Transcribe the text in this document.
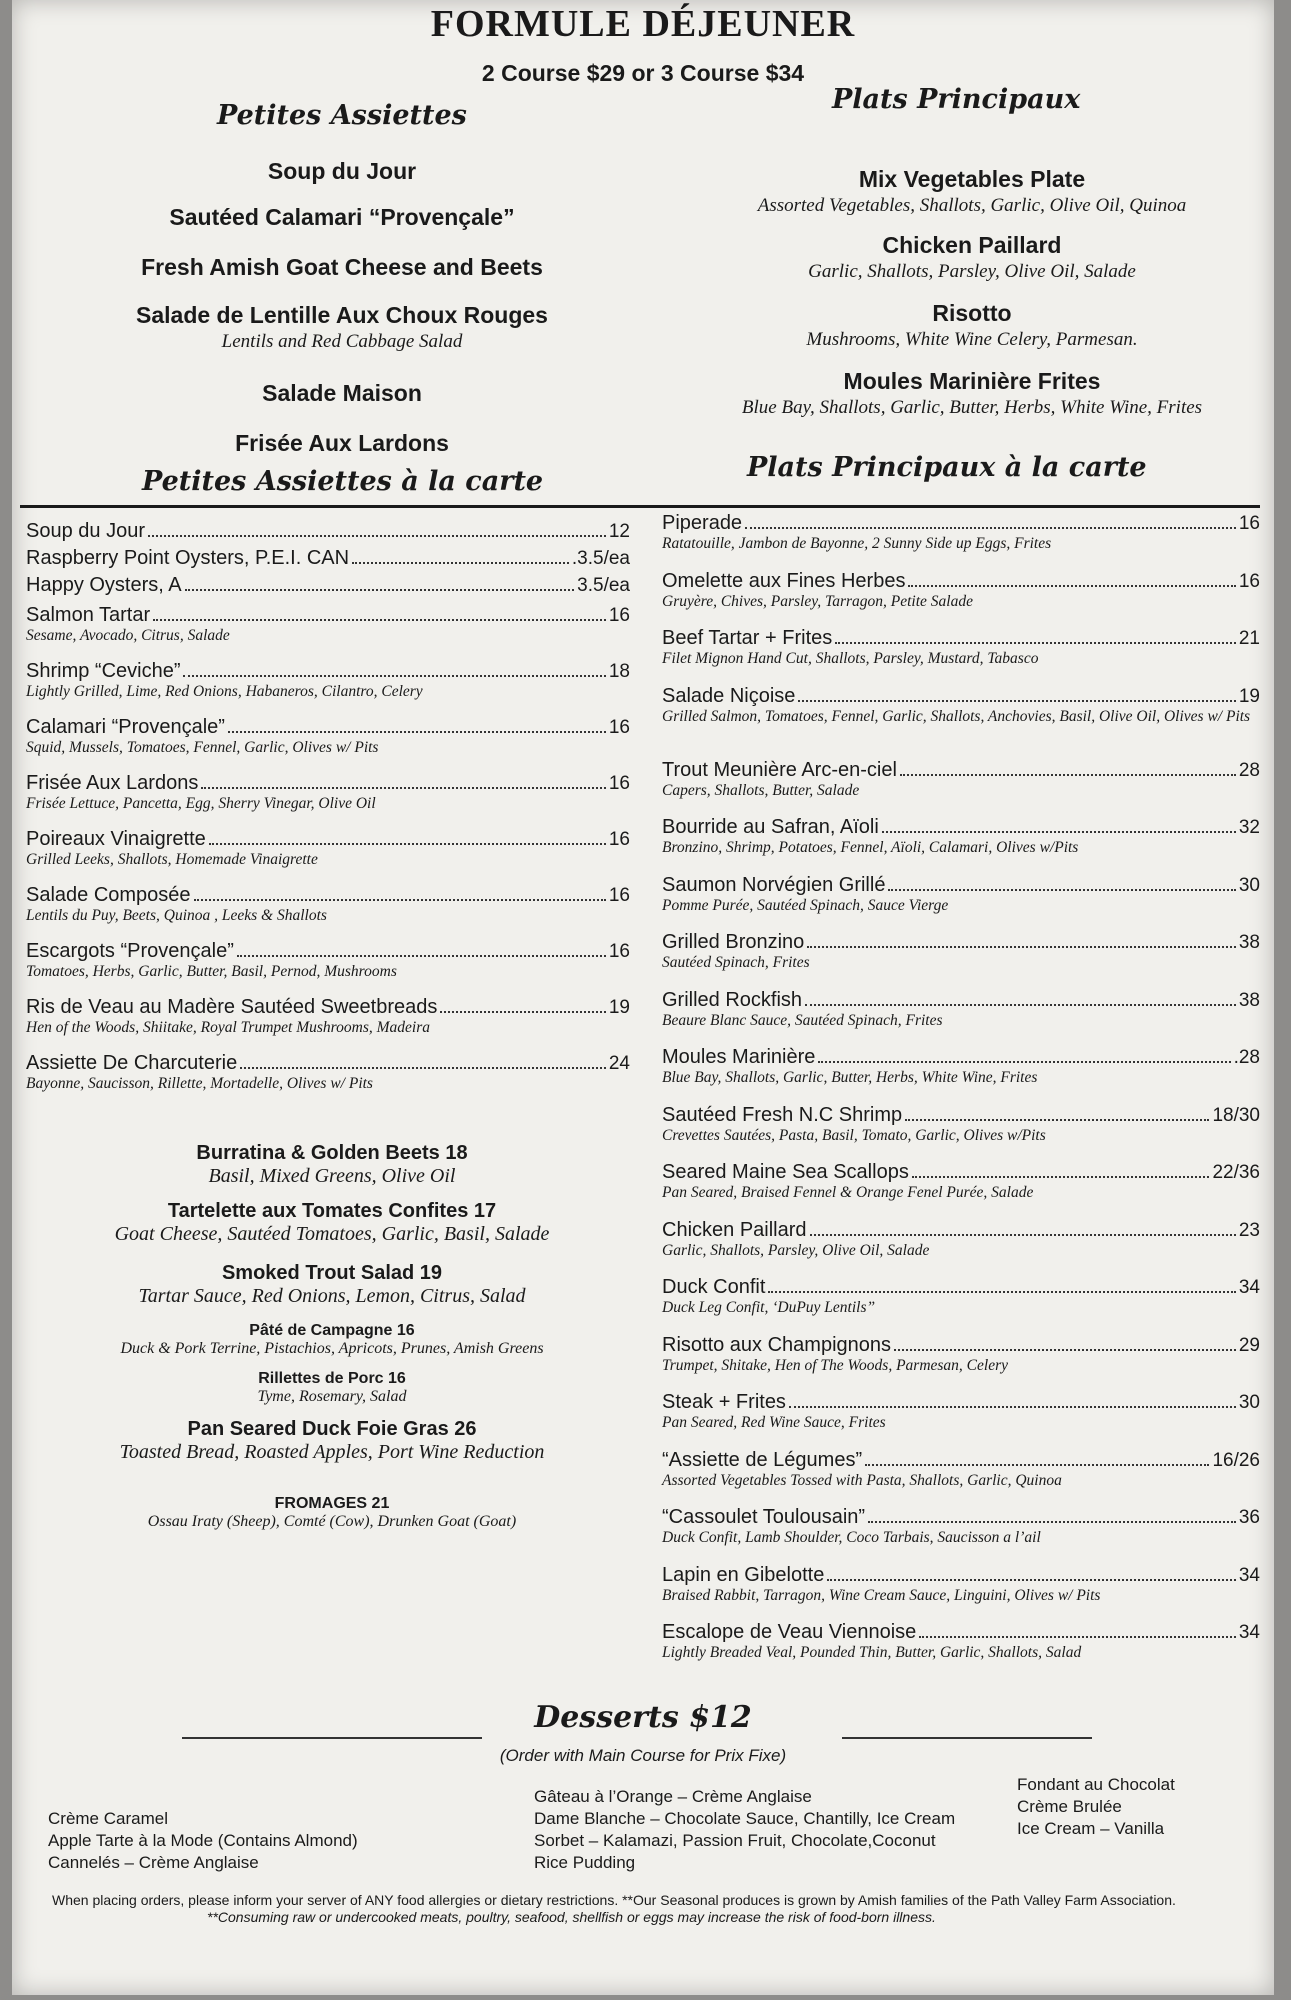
FORMULE DÉJEUNER
2 Course $29 or 3 Course $34
Petites Assiettes
Plats Principaux
Soup du Jour
Sautéed Calamari “Provençale”
Fresh Amish Goat Cheese and Beets
Salade de Lentille Aux Choux Rouges
Lentils and Red Cabbage Salad
Salade Maison
Frisée Aux Lardons
Mix Vegetables Plate
Assorted Vegetables, Shallots, Garlic, Olive Oil, Quinoa
Chicken Paillard
Garlic, Shallots, Parsley, Olive Oil, Salade
Risotto
Mushrooms, White Wine Celery, Parmesan.
Moules Marinière Frites
Blue Bay, Shallots, Garlic, Butter, Herbs, White Wine, Frites
Petites Assiettes à la carte	Plats Principaux à la carte
Soup du Jour	12
Raspberry Point Oysters, P.E.I. CAN	.3.5/ea
Happy Oysters, A	3.5/ea
Salmon Tartar	16
Sesame, Avocado, Citrus, Salade
Shrimp “Ceviche”	18
Lightly Grilled, Lime, Red Onions, Habaneros, Cilantro, Celery
Calamari “Provençale”	16
Squid, Mussels, Tomatoes, Fennel, Garlic, Olives w/ Pits
Frisée Aux Lardons	16
Frisée Lettuce, Pancetta, Egg, Sherry Vinegar, Olive Oil
Poireaux Vinaigrette	16
Grilled Leeks, Shallots, Homemade Vinaigrette
Salade Composée	16
Lentils du Puy, Beets, Quinoa , Leeks & Shallots
Escargots “Provençale”	16
Tomatoes, Herbs, Garlic, Butter, Basil, Pernod, Mushrooms
Ris de Veau au Madère Sautéed Sweetbreads	19
Hen of the Woods, Shiitake, Royal Trumpet Mushrooms, Madeira
Assiette De Charcuterie	24
Bayonne, Saucisson, Rillette, Mortadelle, Olives w/ Pits
Burratina & Golden Beets 18
Basil, Mixed Greens, Olive Oil
Tartelette aux Tomates Confites 17
Goat Cheese, Sautéed Tomatoes, Garlic, Basil, Salade
Smoked Trout Salad 19
Tartar Sauce, Red Onions, Lemon, Citrus, Salad
Pâté de Campagne 16
Duck & Pork Terrine, Pistachios, Apricots, Prunes, Amish Greens
Rillettes de Porc 16
Tyme, Rosemary, Salad
Pan Seared Duck Foie Gras 26
Toasted Bread, Roasted Apples, Port Wine Reduction
FROMAGES 21
Ossau Iraty (Sheep), Comté (Cow), Drunken Goat (Goat)
Piperade	16
Ratatouille, Jambon de Bayonne, 2 Sunny Side up Eggs, Frites
Omelette aux Fines Herbes	16
Gruyère, Chives, Parsley, Tarragon, Petite Salade
Beef Tartar + Frites	21
Filet Mignon Hand Cut, Shallots, Parsley, Mustard, Tabasco
Salade Niçoise	19
Grilled Salmon, Tomatoes, Fennel, Garlic, Shallots, Anchovies, Basil, Olive Oil, Olives w/ Pits
Trout Meunière Arc-en-ciel	28
Capers, Shallots, Butter, Salade
Bourride au Safran, Aïoli	32
Bronzino, Shrimp, Potatoes, Fennel, Aïoli, Calamari, Olives w/Pits
Saumon Norvégien Grillé	30
Pomme Purée, Sautéed Spinach, Sauce Vierge
Grilled Bronzino	38
Sautéed Spinach, Frites
Grilled Rockfish	38
Beaure Blanc Sauce, Sautéed Spinach, Frites
Moules Marinière	.28
Blue Bay, Shallots, Garlic, Butter, Herbs, White Wine, Frites
Sautéed Fresh N.C Shrimp	18/30
Crevettes Sautées, Pasta, Basil, Tomato, Garlic, Olives w/Pits
Seared Maine Sea Scallops	22/36
Pan Seared, Braised Fennel & Orange Fenel Purée, Salade
Chicken Paillard	23
Garlic, Shallots, Parsley, Olive Oil, Salade
Duck Confit	34
Duck Leg Confit, ‘DuPuy Lentils”
Risotto aux Champignons	29
Trumpet, Shitake, Hen of The Woods, Parmesan, Celery
Steak + Frites	30
Pan Seared, Red Wine Sauce, Frites
“Assiette de Légumes”	16/26
Assorted Vegetables Tossed with Pasta, Shallots, Garlic, Quinoa
“Cassoulet Toulousain”	36
Duck Confit, Lamb Shoulder, Coco Tarbais, Saucisson a l’ail
Lapin en Gibelotte	34
Braised Rabbit, Tarragon, Wine Cream Sauce, Linguini, Olives w/ Pits
Escalope de Veau Viennoise	34
Lightly Breaded Veal, Pounded Thin, Butter, Garlic, Shallots, Salad
Desserts $12
(Order with Main Course for Prix Fixe)
Crème Caramel
Apple Tarte à la Mode (Contains Almond)
Cannelés – Crème Anglaise
Gâteau à l’Orange – Crème Anglaise
Dame Blanche – Chocolate Sauce, Chantilly, Ice Cream
Sorbet – Kalamazi, Passion Fruit, Chocolate,Coconut
Rice Pudding
Fondant au Chocolat
Crème Brulée
Ice Cream – Vanilla
When placing orders, please inform your server of ANY food allergies or dietary restrictions. **Our Seasonal produces is grown by Amish families of the Path Valley Farm Association.
**Consuming raw or undercooked meats, poultry, seafood, shellfish or eggs may increase the risk of food-born illness.
